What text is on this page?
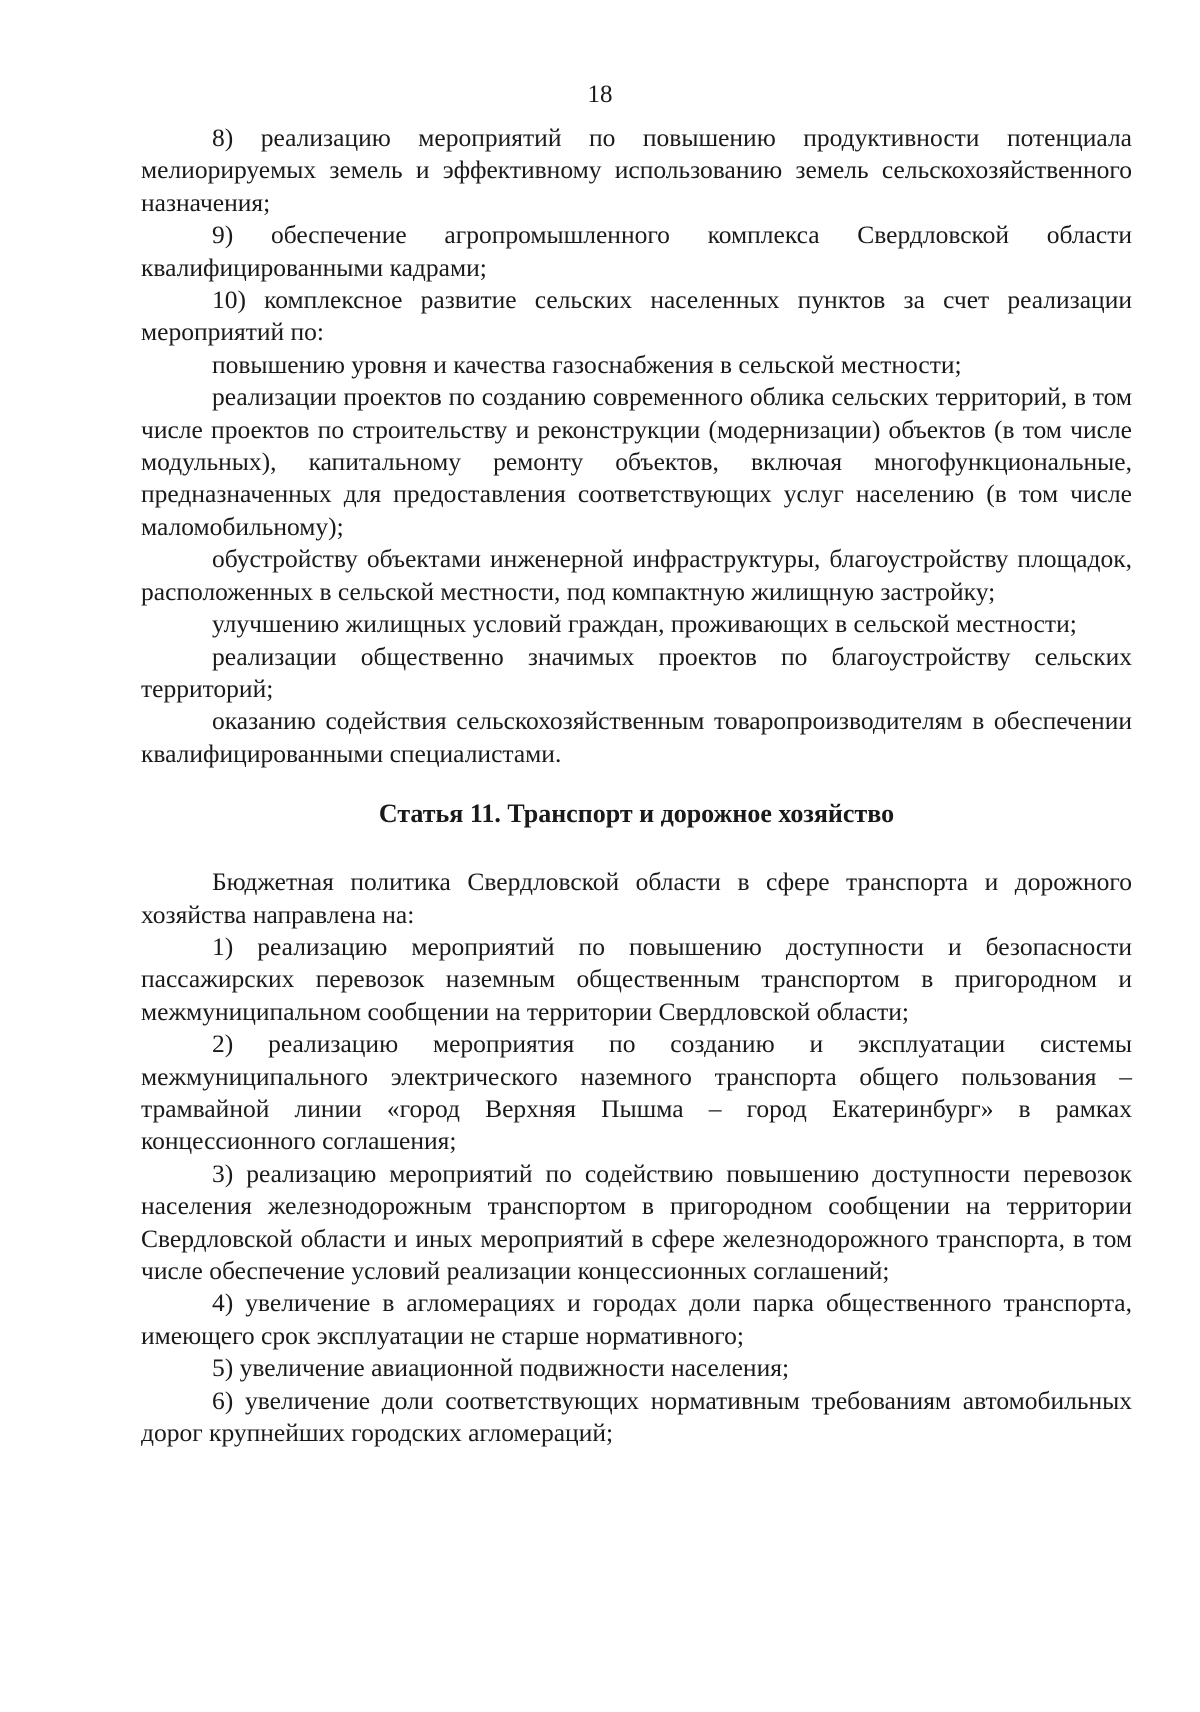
18

8) реализацию мероприятий по повышению продуктивности потенциала мелиорируемых земель и эффективному использованию земель сельскохозяйственного назначения;

9) обеспечение агропромышленного комплекса Свердловской области квалифицированными кадрами;

10) комплексное развитие сельских населенных пунктов за счет реализации мероприятий по:

повышению уровня и качества газоснабжения в сельской местности;

реализации проектов по созданию современного облика сельских территорий, в том числе проектов по строительству и реконструкции (модернизации) объектов (в том числе модульных), капитальному ремонту объектов, включая многофункциональные, предназначенных для предоставления соответствующих услуг населению (в том числе маломобильному);

обустройству объектами инженерной инфраструктуры, благоустройству площадок, расположенных в сельской местности, под компактную жилищную застройку;

улучшению жилищных условий граждан, проживающих в сельской местности;

реализации общественно значимых проектов по благоустройству сельских территорий;

оказанию содействия сельскохозяйственным товаропроизводителям в обеспечении квалифицированными специалистами.

Статья 11. Транспорт и дорожное хозяйство

Бюджетная политика Свердловской области в сфере транспорта и дорожного хозяйства направлена на:

1) реализацию мероприятий по повышению доступности и безопасности пассажирских перевозок наземным общественным транспортом в пригородном и межмуниципальном сообщении на территории Свердловской области;

2) реализацию мероприятия по созданию и эксплуатации системы межмуниципального электрического наземного транспорта общего пользования – трамвайной линии «город Верхняя Пышма – город Екатеринбург» в рамках концессионного соглашения;

3) реализацию мероприятий по содействию повышению доступности перевозок населения железнодорожным транспортом в пригородном сообщении на территории Свердловской области и иных мероприятий в сфере железнодорожного транспорта, в том числе обеспечение условий реализации концессионных соглашений;

4) увеличение в агломерациях и городах доли парка общественного транспорта, имеющего срок эксплуатации не старше нормативного;

5) увеличение авиационной подвижности населения;

6) увеличение доли соответствующих нормативным требованиям автомобильных дорог крупнейших городских агломераций;
